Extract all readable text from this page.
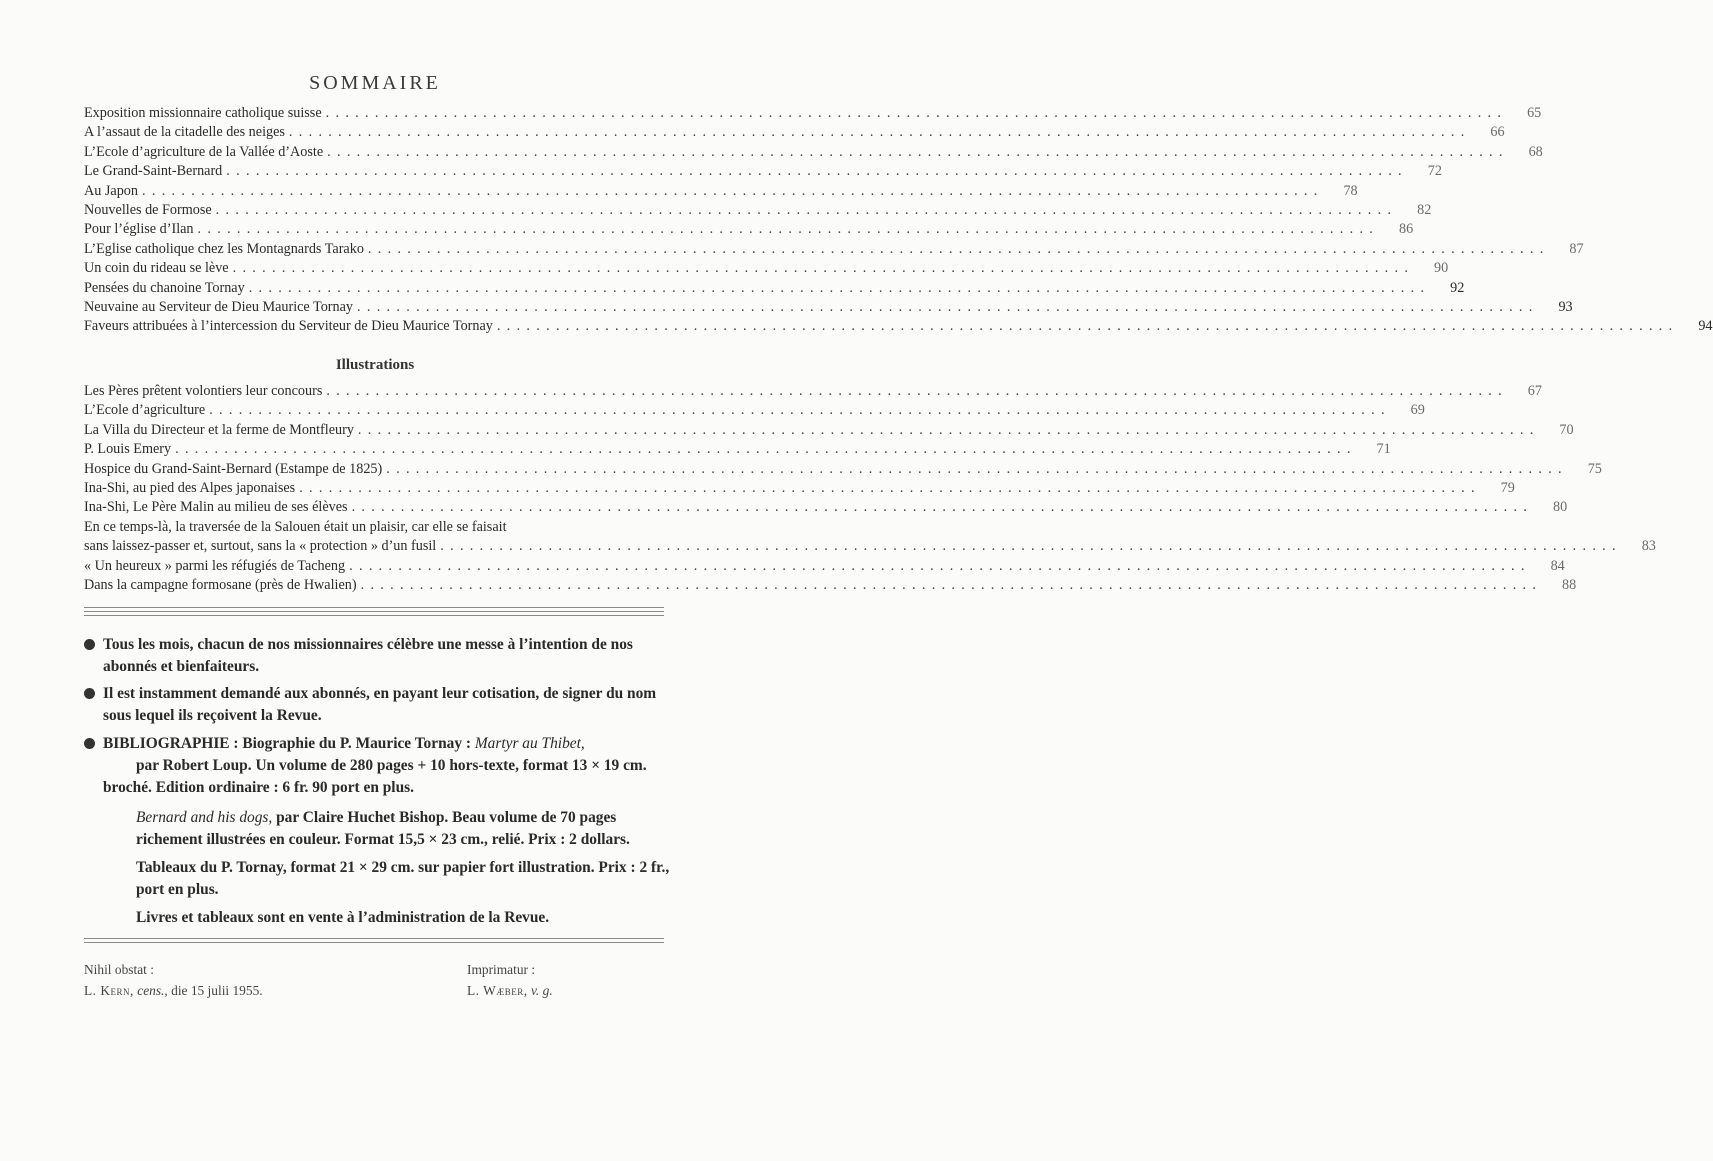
SOMMAIRE
Exposition missionnaire catholique suisse ........................................................................................................................	65
A l’assaut de la citadelle des neiges ........................................................................................................................	66
L’Ecole d’agriculture de la Vallée d’Aoste ........................................................................................................................	68
Le Grand-Saint-Bernard ........................................................................................................................	72
Au Japon ........................................................................................................................	78
Nouvelles de Formose ........................................................................................................................	82
Pour l’église d’Ilan ........................................................................................................................	86
L’Eglise catholique chez les Montagnards Tarako ........................................................................................................................	87
Un coin du rideau se lève ........................................................................................................................	90
Pensées du chanoine Tornay ........................................................................................................................	92
Neuvaine au Serviteur de Dieu Maurice Tornay ........................................................................................................................	93
Faveurs attribuées à l’intercession du Serviteur de Dieu Maurice Tornay ........................................................................................................................	94
Illustrations
Les Pères prêtent volontiers leur concours ........................................................................................................................	67
L’Ecole d’agriculture ........................................................................................................................	69
La Villa du Directeur et la ferme de Montfleury ........................................................................................................................	70
P. Louis Emery ........................................................................................................................	71
Hospice du Grand-Saint-Bernard (Estampe de 1825) ........................................................................................................................	75
Ina-Shi, au pied des Alpes japonaises ........................................................................................................................	79
Ina-Shi, Le Père Malin au milieu de ses élèves ........................................................................................................................	80
En ce temps-là, la traversée de la Salouen était un plaisir, car elle se faisait
sans laissez-passer et, surtout, sans la « protection » d’un fusil ........................................................................................................................	83
« Un heureux » parmi les réfugiés de Tacheng ........................................................................................................................	84
Dans la campagne formosane (près de Hwalien) ........................................................................................................................	88

Tous les mois, chacun de nos missionnaires célèbre une messe à l’intention de nos abonnés et bienfaiteurs.

Il est instamment demandé aux abonnés, en payant leur cotisation, de signer du nom sous lequel ils reçoivent la Revue.

BIBLIOGRAPHIE : Biographie du P. Maurice Tornay : Martyr au Thibet,
par Robert Loup. Un volume de 280 pages + 10 hors-texte, format 13 × 19 cm. broché. Edition ordinaire : 6 fr. 90 port en plus.

Bernard and his dogs, par Claire Huchet Bishop. Beau volume de 70 pages richement illustrées en couleur. Format 15,5 × 23 cm., relié. Prix : 2 dollars.

Tableaux du P. Tornay, format 21 × 29 cm. sur papier fort illustration. Prix : 2 fr., port en plus.

Livres et tableaux sont en vente à l’administration de la Revue.

Nihil obstat :
L. Kern, cens., die 15 julii 1955.
Imprimatur :
L. Wæber, v. g.
